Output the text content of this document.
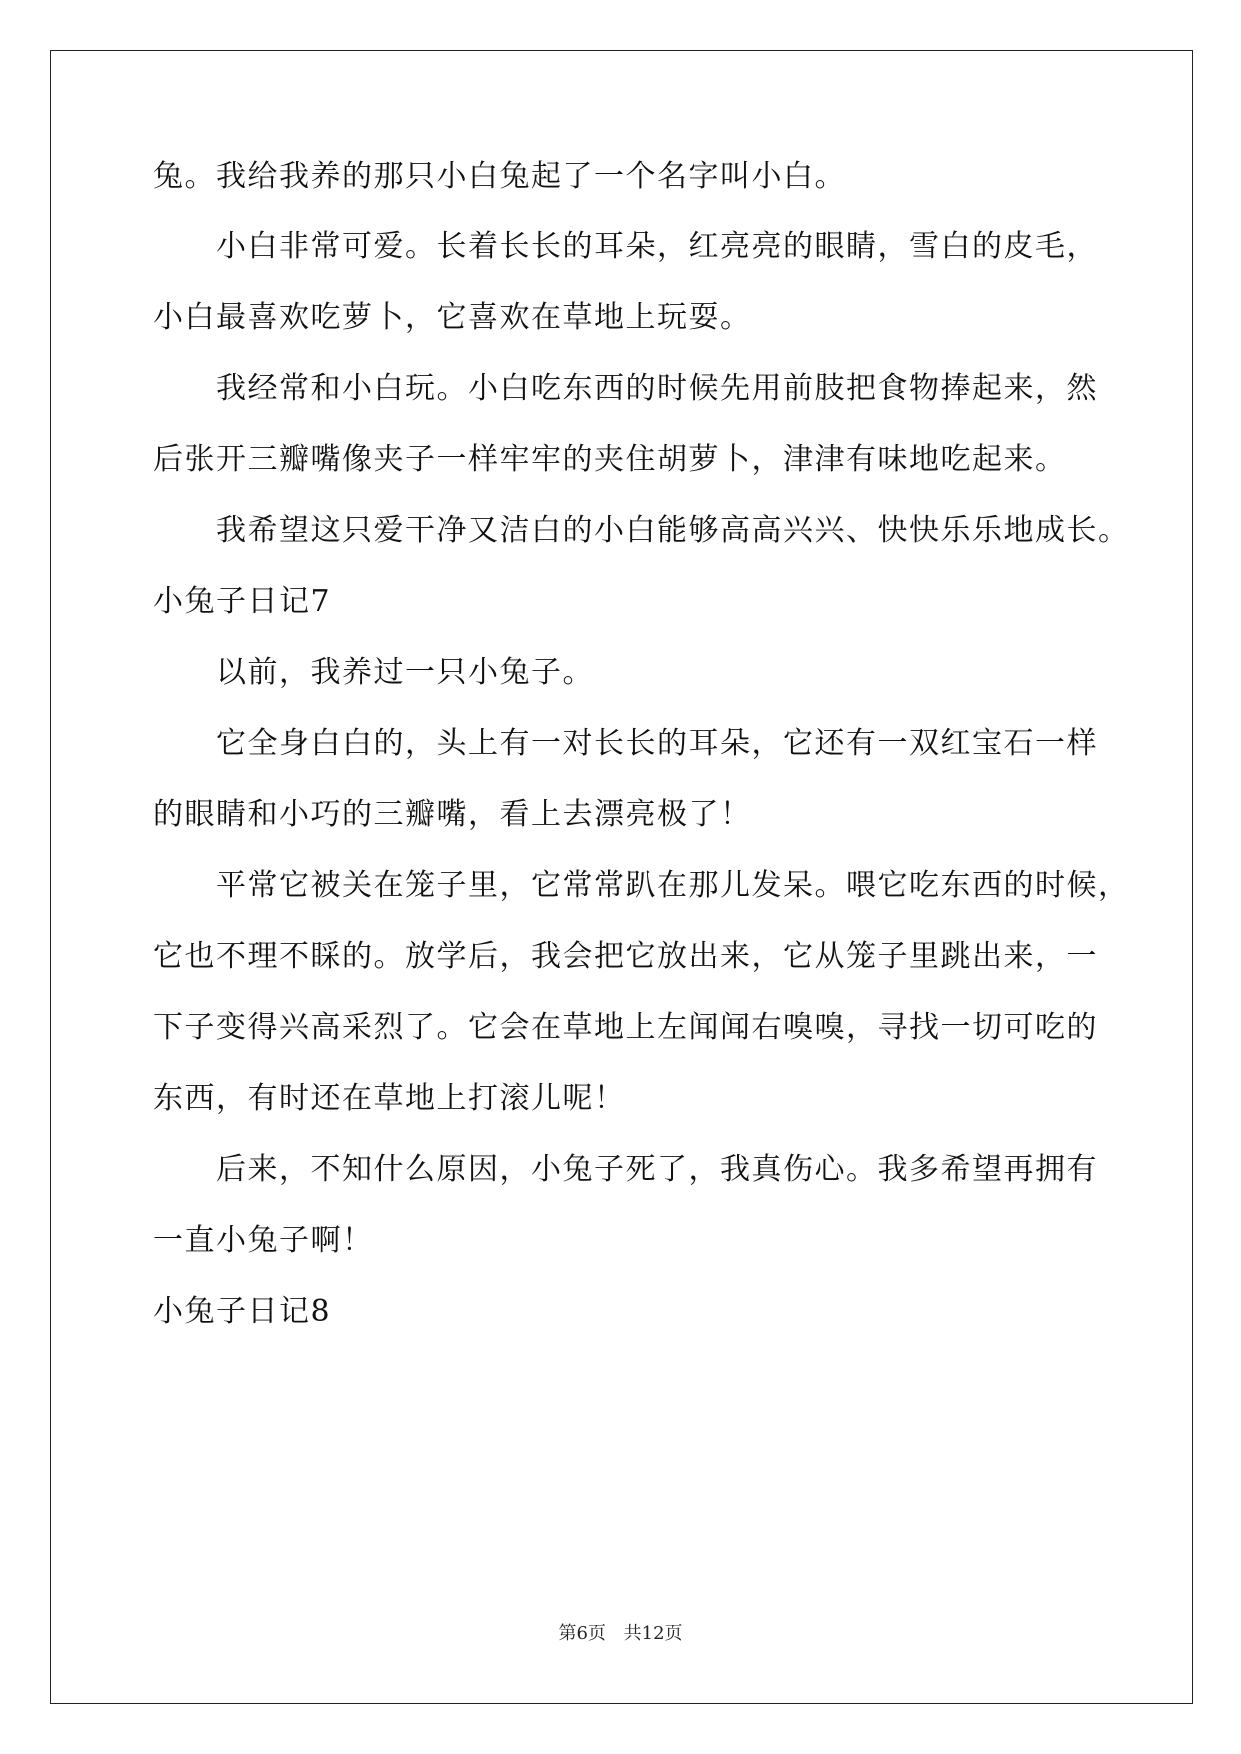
兔。我给我养的那只小白兔起了一个名字叫小白。
小白非常可爱。长着长长的耳朵，红亮亮的眼睛，雪白的皮毛，
小白最喜欢吃萝卜，它喜欢在草地上玩耍。
我经常和小白玩。小白吃东西的时候先用前肢把食物捧起来，然
后张开三瓣嘴像夹子一样牢牢的夹住胡萝卜，津津有味地吃起来。
我希望这只爱干净又洁白的小白能够高高兴兴、快快乐乐地成长。
小兔子日记7
以前，我养过一只小兔子。
它全身白白的，头上有一对长长的耳朵，它还有一双红宝石一样
的眼睛和小巧的三瓣嘴，看上去漂亮极了！
平常它被关在笼子里，它常常趴在那儿发呆。喂它吃东西的时候，
它也不理不睬的。放学后，我会把它放出来，它从笼子里跳出来，一
下子变得兴高采烈了。它会在草地上左闻闻右嗅嗅，寻找一切可吃的
东西，有时还在草地上打滚儿呢！
后来，不知什么原因，小兔子死了，我真伤心。我多希望再拥有
一直小兔子啊！
小兔子日记8
第6页 共12页
